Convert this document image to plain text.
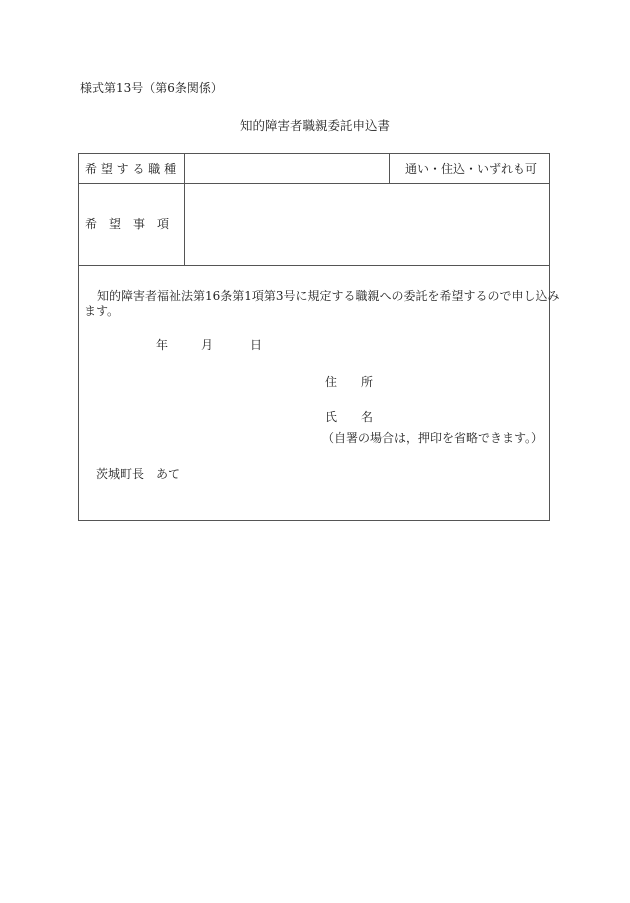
様式第13号（第6条関係）
知的障害者職親委託申込書
希 望 す る 職 種	通い・住込・いずれも可
希　望　事　項
知的障害者福祉法第16条第1項第3号に規定する職親への委託を希望するので申し込み
ます。
年	月	日
住　　所
氏　　名
（自署の場合は，押印を省略できます。）
茨城町長　あて
